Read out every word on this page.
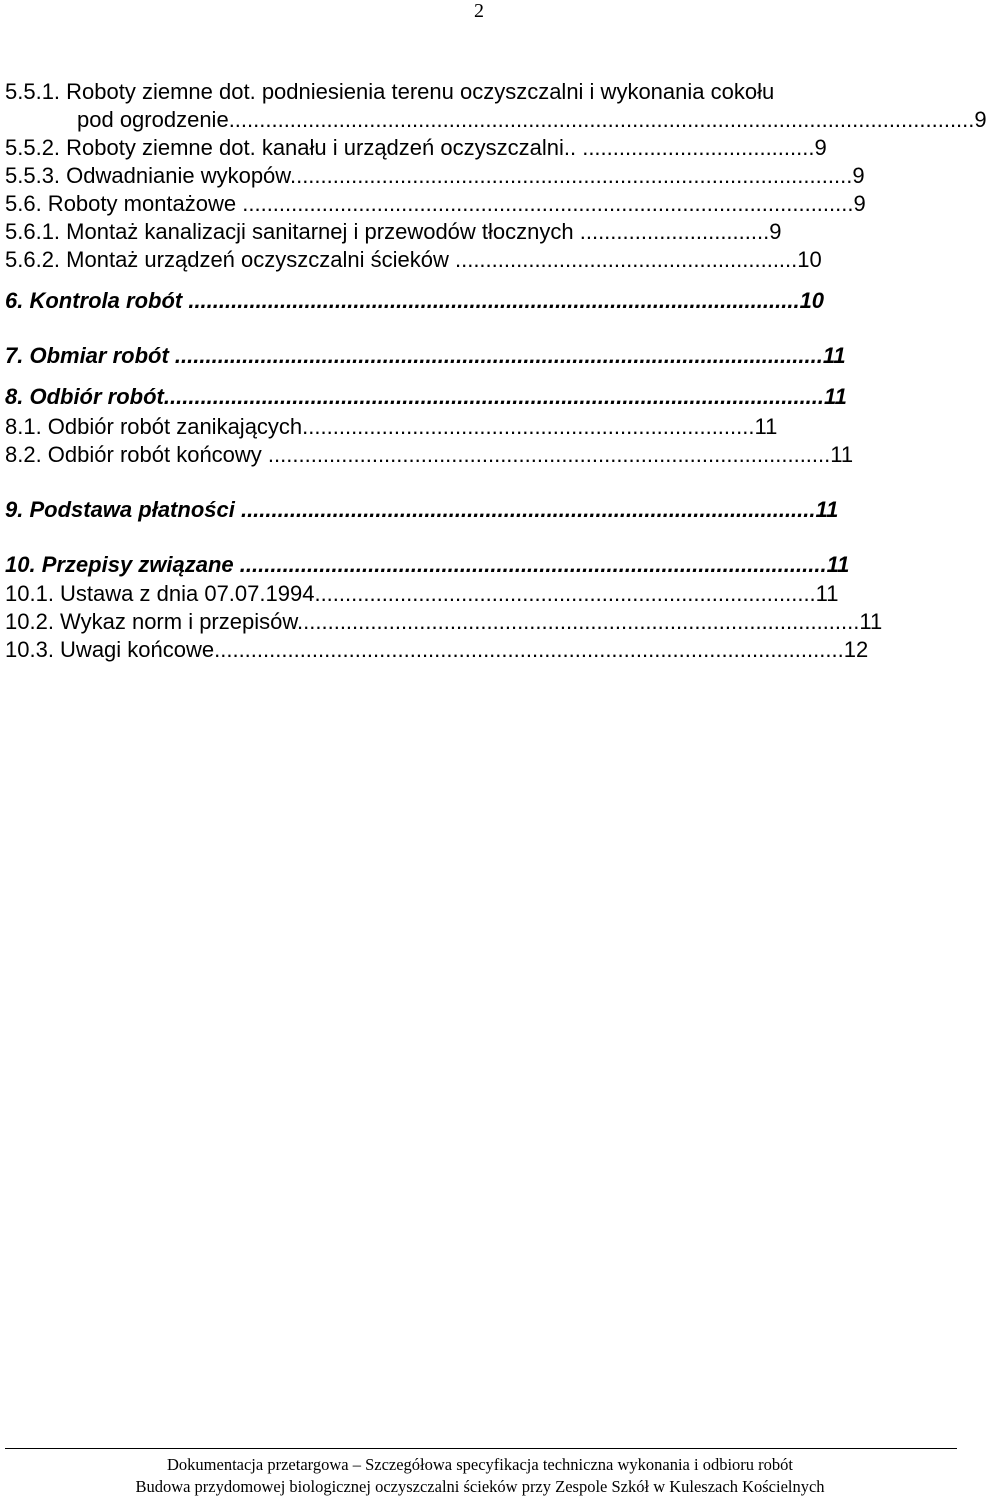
2
5.5.1. Roboty ziemne dot. podniesienia terenu oczyszczalni i wykonania cokołu
pod ogrodzenie..........................................................................................................................9
5.5.2. Roboty ziemne dot. kanału i urządzeń oczyszczalni.. ......................................9
5.5.3. Odwadnianie wykopów............................................................................................9
5.6. Roboty montażowe ....................................................................................................9
5.6.1. Montaż kanalizacji sanitarnej i przewodów tłocznych ...............................9
5.6.2. Montaż urządzeń oczyszczalni ścieków ........................................................10
6. Kontrola robót ....................................................................................................10
7. Obmiar robót ..........................................................................................................11
8. Odbiór robót............................................................................................................11
8.1. Odbiór robót zanikających..........................................................................11
8.2. Odbiór robót końcowy ............................................................................................11
9. Podstawa płatności ..............................................................................................11
10. Przepisy związane ................................................................................................11
10.1. Ustawa z dnia 07.07.1994..................................................................................11
10.2. Wykaz norm i przepisów............................................................................................11
10.3. Uwagi końcowe.......................................................................................................12
Dokumentacja przetargowa – Szczegółowa specyfikacja techniczna wykonania i odbioru robót
Budowa przydomowej biologicznej oczyszczalni ścieków przy Zespole Szkół w Kuleszach Kościelnych
